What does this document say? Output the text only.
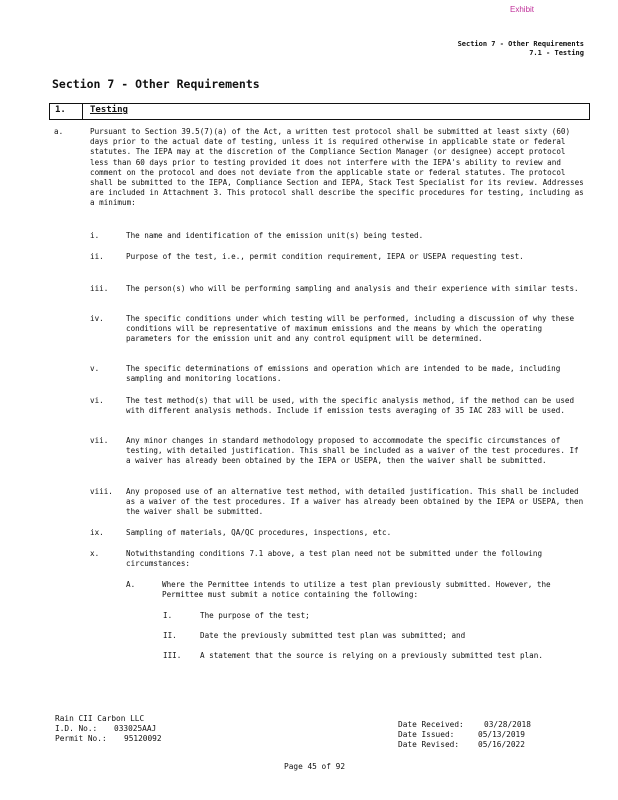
Exhibit
Section 7 - Other Requirements
7.1 - Testing
Section 7 - Other Requirements
1.	Testing
a.	Pursuant to Section 39.5(7)(a) of the Act, a written test protocol shall be submitted at least sixty (60) days prior to the actual date of testing, unless it is required otherwise in applicable state or federal statutes. The IEPA may at the discretion of the Compliance Section Manager (or designee) accept protocol less than 60 days prior to testing provided it does not interfere with the IEPA's ability to review and comment on the protocol and does not deviate from the applicable state or federal statutes. The protocol shall be submitted to the IEPA, Compliance Section and IEPA, Stack Test Specialist for its review. Addresses are included in Attachment 3. This protocol shall describe the specific procedures for testing, including as a minimum:
i.	The name and identification of the emission unit(s) being tested.
ii.	Purpose of the test, i.e., permit condition requirement, IEPA or USEPA requesting test.
iii. The person(s) who will be performing sampling and analysis and their experience with similar tests.
iv.	The specific conditions under which testing will be performed, including a discussion of why these conditions will be representative of maximum emissions and the means by which the operating parameters for the emission unit and any control equipment will be determined.
v.	The specific determinations of emissions and operation which are intended to be made, including sampling and monitoring locations.
vi.	The test method(s) that will be used, with the specific analysis method, if the method can be used with different analysis methods. Include if emission tests averaging of 35 IAC 283 will be used.
vii. Any minor changes in standard methodology proposed to accommodate the specific circumstances of testing, with detailed justification. This shall be included as a waiver of the test procedures. If a waiver has already been obtained by the IEPA or USEPA, then the waiver shall be submitted.
viii. Any proposed use of an alternative test method, with detailed justification. This shall be included as a waiver of the test procedures. If a waiver has already been obtained by the IEPA or USEPA, then the waiver shall be submitted.
ix.	Sampling of materials, QA/QC procedures, inspections, etc.
x.	Notwithstanding conditions 7.1 above, a test plan need not be submitted under the following circumstances:
A.	Where the Permittee intends to utilize a test plan previously submitted. However, the Permittee must submit a notice containing the following:
I.	The purpose of the test;
II.	Date the previously submitted test plan was submitted; and
III. A statement that the source is relying on a previously submitted test plan.
Rain CII Carbon LLC
I.D. No.: 033025AAJ
Permit No.: 95120092
Date Received:	03/28/2018
Date Issued:	05/13/2019
Date Revised: 05/16/2022
Page 45 of 92
